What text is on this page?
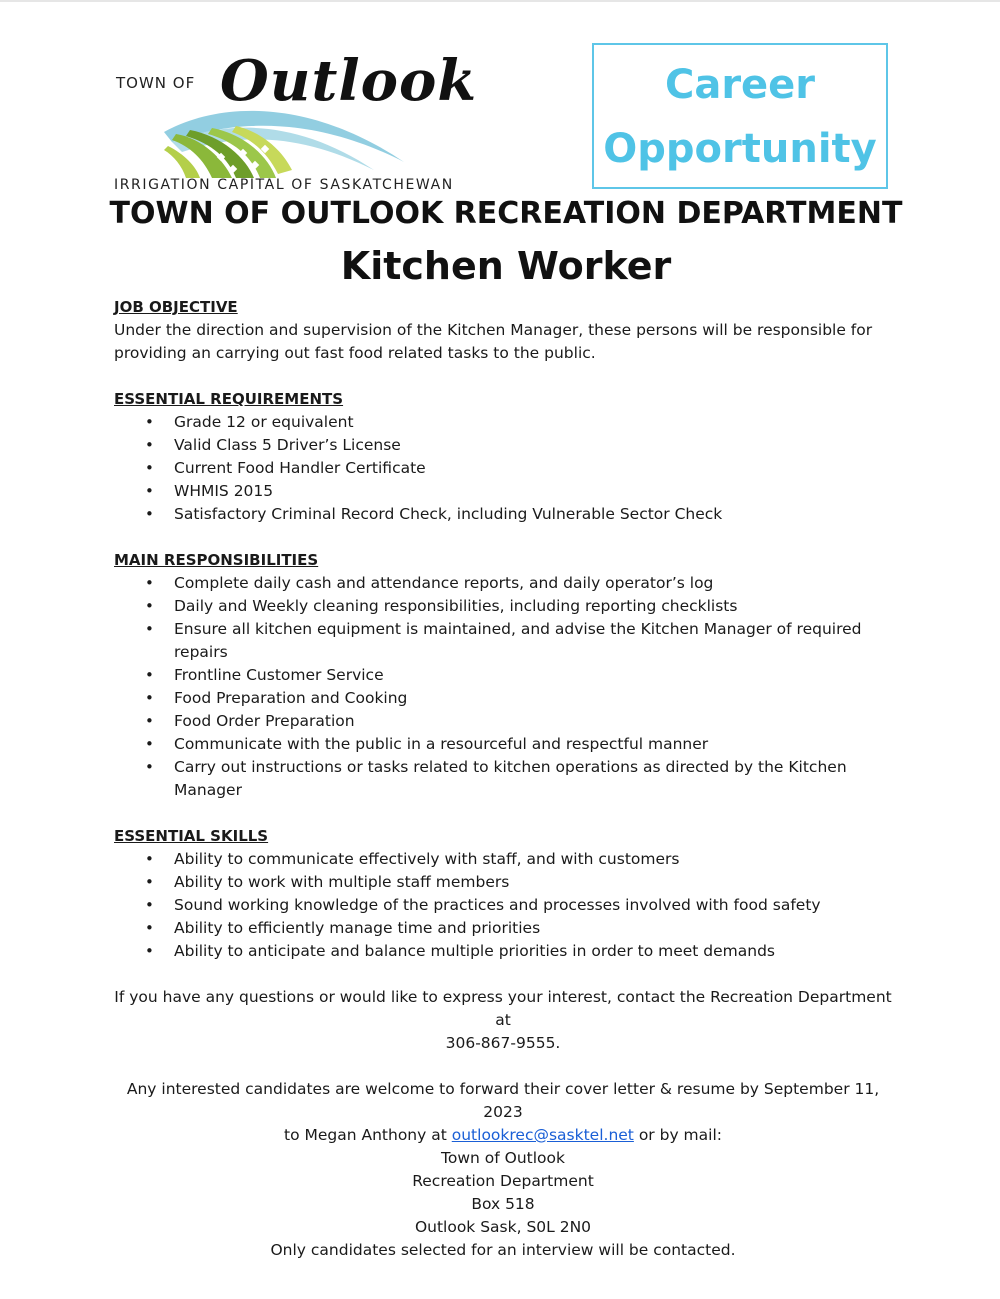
TOWN OF Outlook
IRRIGATION CAPITAL OF SASKATCHEWAN
Career
Opportunity
TOWN OF OUTLOOK RECREATION DEPARTMENT
Kitchen Worker

JOB OBJECTIVE

Under the direction and supervision of the Kitchen Manager, these persons will be responsible for

providing an carrying out fast food related tasks to the public.

ESSENTIAL REQUIREMENTS

• Grade 12 or equivalent
• Valid Class 5 Driver’s License
• Current Food Handler Certificate
• WHMIS 2015
• Satisfactory Criminal Record Check, including Vulnerable Sector Check

MAIN RESPONSIBILITIES

• Complete daily cash and attendance reports, and daily operator’s log
• Daily and Weekly cleaning responsibilities, including reporting checklists
• Ensure all kitchen equipment is maintained, and advise the Kitchen Manager of required repairs
• Frontline Customer Service
• Food Preparation and Cooking
• Food Order Preparation
• Communicate with the public in a resourceful and respectful manner
• Carry out instructions or tasks related to kitchen operations as directed by the Kitchen Manager

ESSENTIAL SKILLS

• Ability to communicate effectively with staff, and with customers
• Ability to work with multiple staff members
• Sound working knowledge of the practices and processes involved with food safety
• Ability to efficiently manage time and priorities
• Ability to anticipate and balance multiple priorities in order to meet demands
If you have any questions or would like to express your interest, contact the Recreation Department at
306-867-9555.
Any interested candidates are welcome to forward their cover letter & resume by September 11, 2023
to Megan Anthony at outlookrec@sasktel.net or by mail:
Town of Outlook
Recreation Department
Box 518
Outlook Sask, S0L 2N0
Only candidates selected for an interview will be contacted.
